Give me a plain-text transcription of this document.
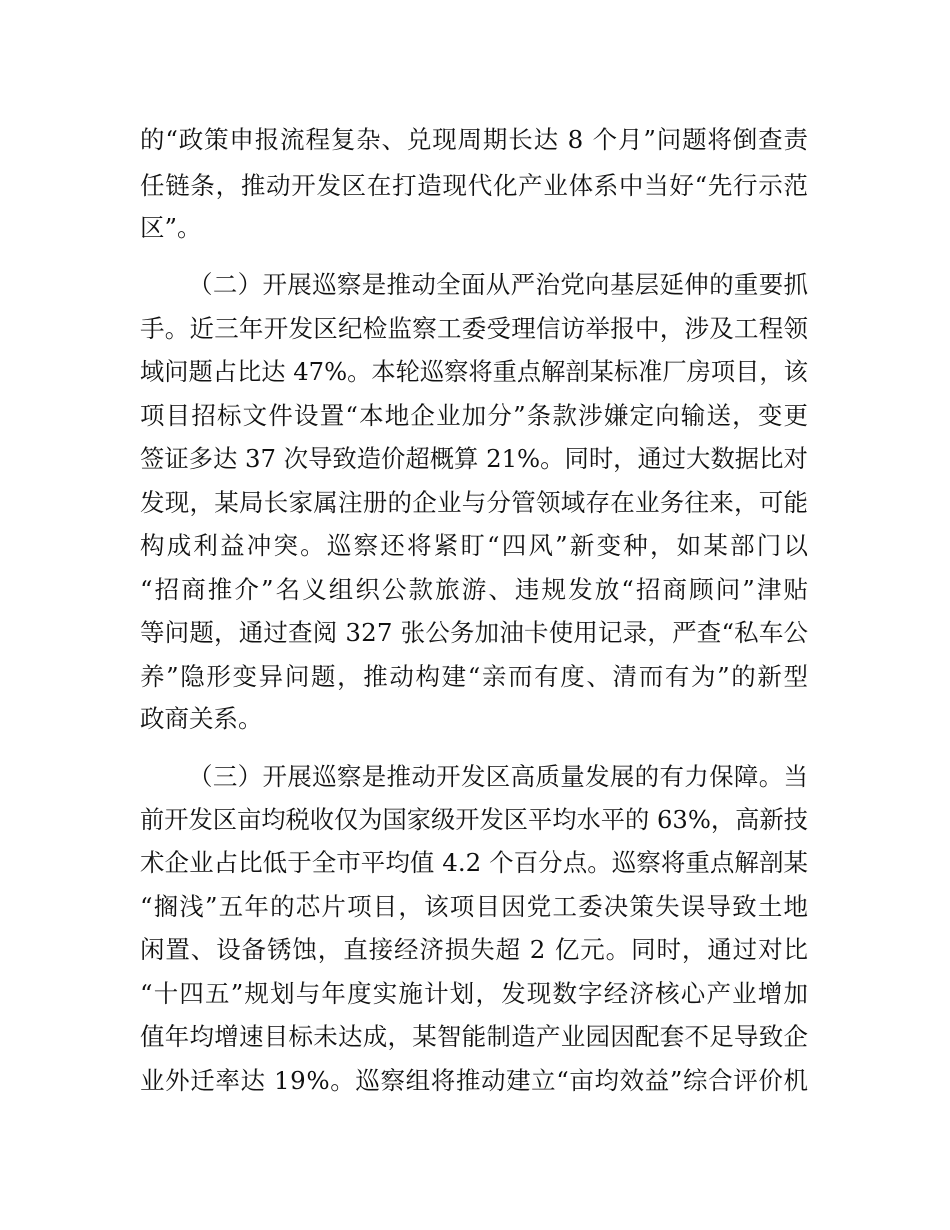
的“政策申报流程复杂、兑现周期长达 8 个月”问题将倒查责

任链条，推动开发区在打造现代化产业体系中当好“先行示范

区”。

（二）开展巡察是推动全面从严治党向基层延伸的重要抓

手。近三年开发区纪检监察工委受理信访举报中，涉及工程领

域问题占比达 47%。本轮巡察将重点解剖某标准厂房项目，该

项目招标文件设置“本地企业加分”条款涉嫌定向输送，变更

签证多达 37 次导致造价超概算 21%。同时，通过大数据比对

发现，某局长家属注册的企业与分管领域存在业务往来，可能

构成利益冲突。巡察还将紧盯“四风”新变种，如某部门以

“招商推介”名义组织公款旅游、违规发放“招商顾问”津贴

等问题，通过查阅 327 张公务加油卡使用记录，严查“私车公

养”隐形变异问题，推动构建“亲而有度、清而有为”的新型

政商关系。

（三）开展巡察是推动开发区高质量发展的有力保障。当

前开发区亩均税收仅为国家级开发区平均水平的 63%，高新技

术企业占比低于全市平均值 4.2 个百分点。巡察将重点解剖某

“搁浅”五年的芯片项目，该项目因党工委决策失误导致土地

闲置、设备锈蚀，直接经济损失超 2 亿元。同时，通过对比

“十四五”规划与年度实施计划，发现数字经济核心产业增加

值年均增速目标未达成，某智能制造产业园因配套不足导致企

业外迁率达 19%。巡察组将推动建立“亩均效益”综合评价机
